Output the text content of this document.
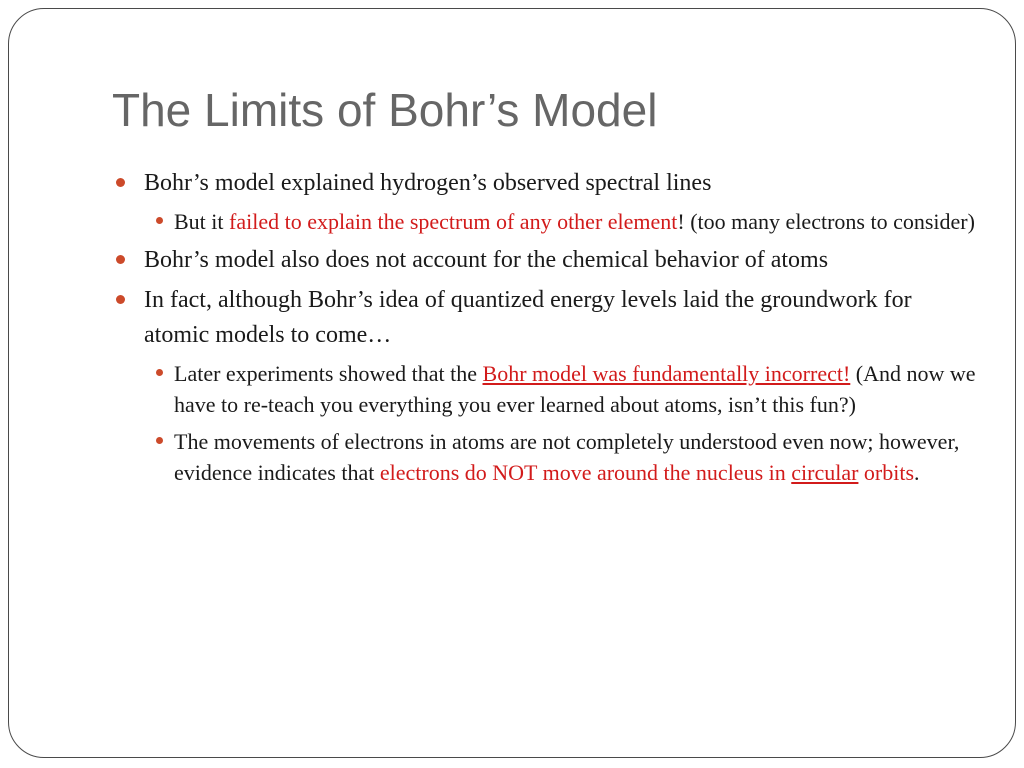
The Limits of Bohr’s Model
Bohr’s model explained hydrogen’s observed spectral lines
But it failed to explain the spectrum of any other element! (too many electrons to consider)
Bohr’s model also does not account for the chemical behavior of atoms
In fact, although Bohr’s idea of quantized energy levels laid the groundwork for atomic models to come…
Later experiments showed that the Bohr model was fundamentally incorrect! (And now we have to re-teach you everything you ever learned about atoms, isn’t this fun?)
The movements of electrons in atoms are not completely understood even now; however, evidence indicates that electrons do NOT move around the nucleus in circular orbits.
